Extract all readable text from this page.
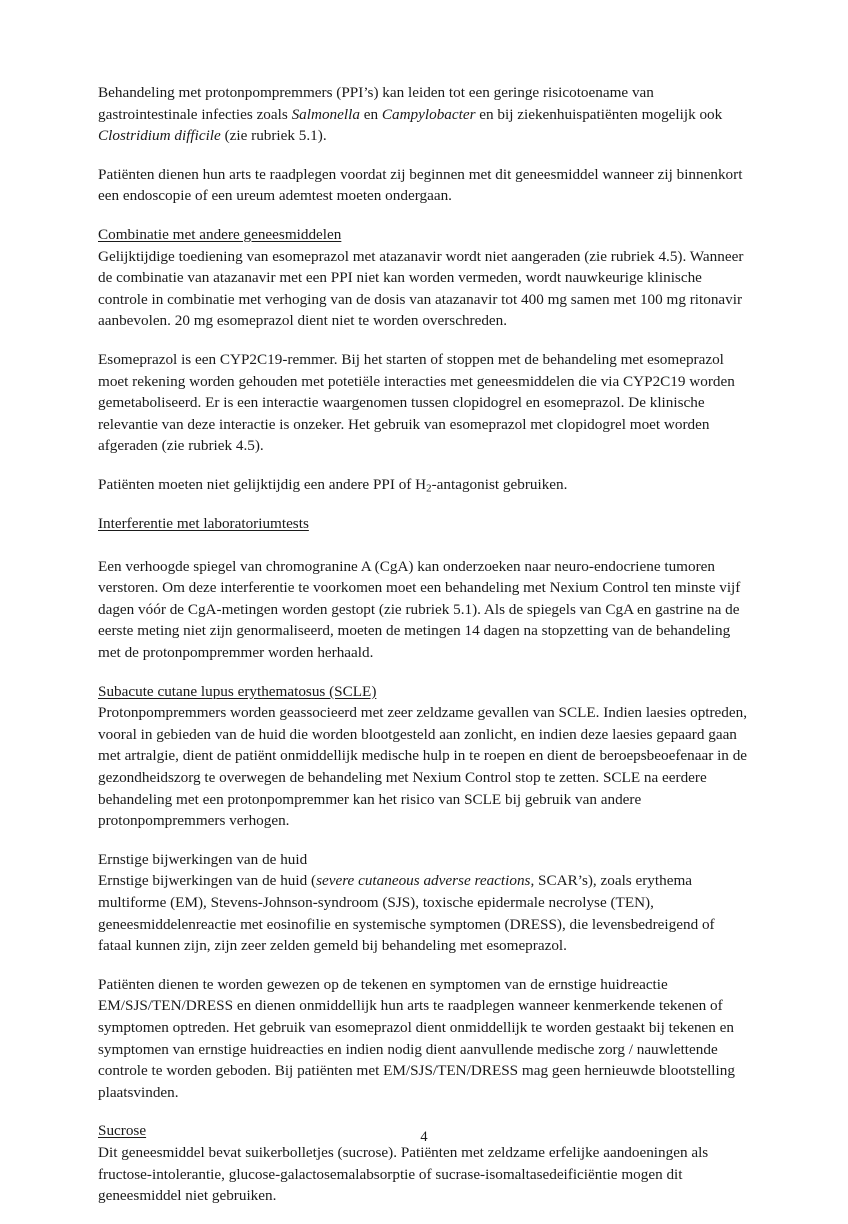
Behandeling met protonpompremmers (PPI’s) kan leiden tot een geringe risicotoename van gastrointestinale infecties zoals Salmonella en Campylobacter en bij ziekenhuispatiënten mogelijk ook Clostridium difficile (zie rubriek 5.1).

Patiënten dienen hun arts te raadplegen voordat zij beginnen met dit geneesmiddel wanneer zij binnenkort een endoscopie of een ureum ademtest moeten ondergaan.

Combinatie met andere geneesmiddelen

Gelijktijdige toediening van esomeprazol met atazanavir wordt niet aangeraden (zie rubriek 4.5). Wanneer de combinatie van atazanavir met een PPI niet kan worden vermeden, wordt nauwkeurige klinische controle in combinatie met verhoging van de dosis van atazanavir tot 400 mg samen met 100 mg ritonavir aanbevolen. 20 mg esomeprazol dient niet te worden overschreden.

Esomeprazol is een CYP2C19-remmer. Bij het starten of stoppen met de behandeling met esomeprazol moet rekening worden gehouden met potetiële interacties met geneesmiddelen die via CYP2C19 worden gemetaboliseerd. Er is een interactie waargenomen tussen clopidogrel en esomeprazol. De klinische relevantie van deze interactie is onzeker. Het gebruik van esomeprazol met clopidogrel moet worden afgeraden (zie rubriek 4.5).

Patiënten moeten niet gelijktijdig een andere PPI of $H_2$-antagonist gebruiken.

Interferentie met laboratoriumtests

Een verhoogde spiegel van chromogranine A (CgA) kan onderzoeken naar neuro-endocriene tumoren verstoren. Om deze interferentie te voorkomen moet een behandeling met Nexium Control ten minste vijf dagen vóór de CgA-metingen worden gestopt (zie rubriek 5.1). Als de spiegels van CgA en gastrine na de eerste meting niet zijn genormaliseerd, moeten de metingen 14 dagen na stopzetting van de behandeling met de protonpompremmer worden herhaald.

Subacute cutane lupus erythematosus (SCLE)

Protonpompremmers worden geassocieerd met zeer zeldzame gevallen van SCLE. Indien laesies optreden, vooral in gebieden van de huid die worden blootgesteld aan zonlicht, en indien deze laesies gepaard gaan met artralgie, dient de patiënt onmiddellijk medische hulp in te roepen en dient de beroepsbeoefenaar in de gezondheidszorg te overwegen de behandeling met Nexium Control stop te zetten. SCLE na eerdere behandeling met een protonpompremmer kan het risico van SCLE bij gebruik van andere protonpompremmers verhogen.

Ernstige bijwerkingen van de huid

Ernstige bijwerkingen van de huid (severe cutaneous adverse reactions, SCAR’s), zoals erythema multiforme (EM), Stevens-Johnson-syndroom (SJS), toxische epidermale necrolyse (TEN), geneesmiddelenreactie met eosinofilie en systemische symptomen (DRESS), die levensbedreigend of fataal kunnen zijn, zijn zeer zelden gemeld bij behandeling met esomeprazol.

Patiënten dienen te worden gewezen op de tekenen en symptomen van de ernstige huidreactie EM/SJS/TEN/DRESS en dienen onmiddellijk hun arts te raadplegen wanneer kenmerkende tekenen of symptomen optreden. Het gebruik van esomeprazol dient onmiddellijk te worden gestaakt bij tekenen en symptomen van ernstige huidreacties en indien nodig dient aanvullende medische zorg / nauwlettende controle te worden geboden. Bij patiënten met EM/SJS/TEN/DRESS mag geen hernieuwde blootstelling plaatsvinden.

Sucrose

Dit geneesmiddel bevat suikerbolletjes (sucrose). Patiënten met zeldzame erfelijke aandoeningen als fructose-intolerantie, glucose-galactosemalabsorptie of sucrase-isomaltasedeificiëntie mogen dit geneesmiddel niet gebruiken.

4
